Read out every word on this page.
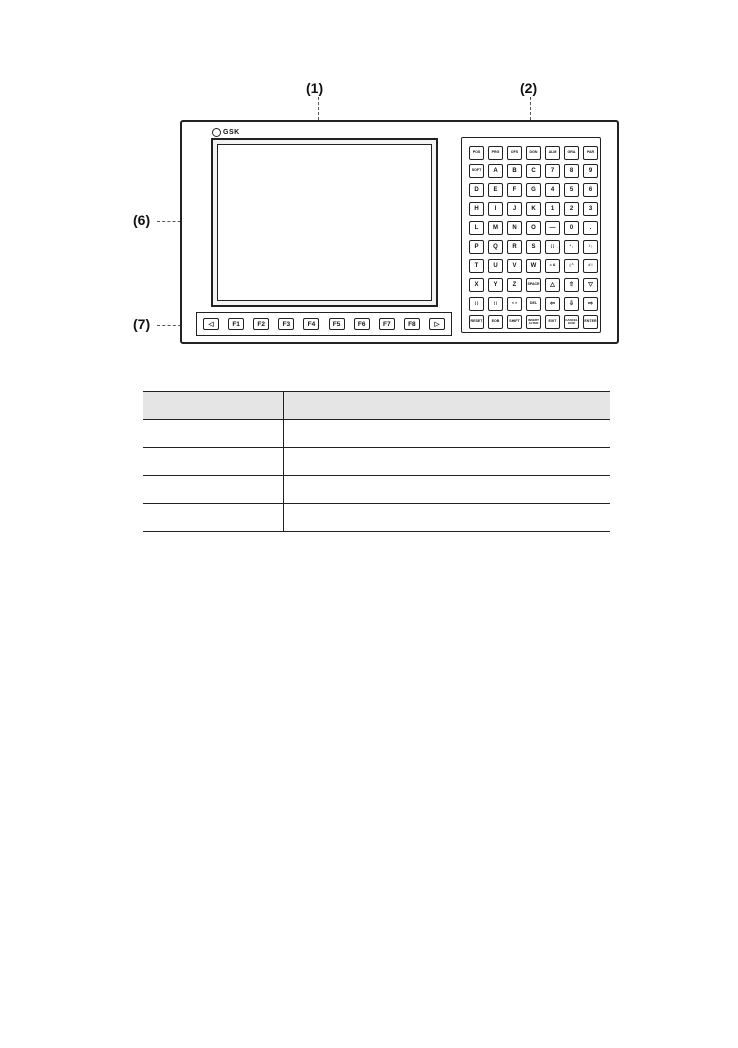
(1)	(2)
(6)
(7)
GSK
◁	F1	F2	F3	F4	F5	F6	F7	F8	▷
POS	PRG	OFS	DGN	ALM	GRA	PAR
SOFT	A	B	C	7	8	9
D	E	F	G	4	5	6
H	I	J	K	1	2	3
L	M	N	O	—	0	.
P	Q	R	S	[ ]	* ,	/ ;
T	U	V	W	= &	| ^	# !
X	Y	Z	SPACE	△	⇧	▽
{ }	( )	< >	DEL	⇦	⇩	⇨
RESET	EOB	SHIFT	INSERT ALTER	EXIT	CANCEL EOB	ENTER
